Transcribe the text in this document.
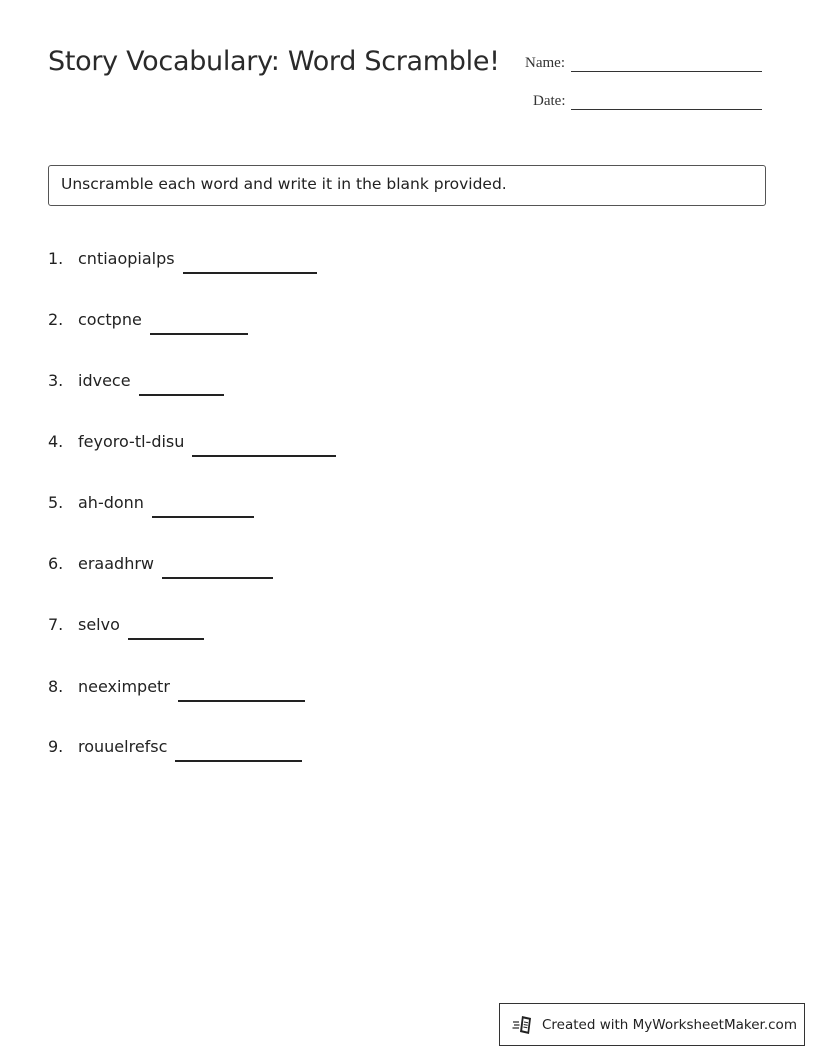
Story Vocabulary: Word Scramble! Name:
Date:
Unscramble each word and write it in the blank provided.
1. cntiaopialps
2. coctpne
3. idvece
4. feyoro-tl-disu
5. ah-donn
6. eraadhrw
7. selvo
8. neeximpetr
9. rouuelrefsc
Created with MyWorksheetMaker.com
